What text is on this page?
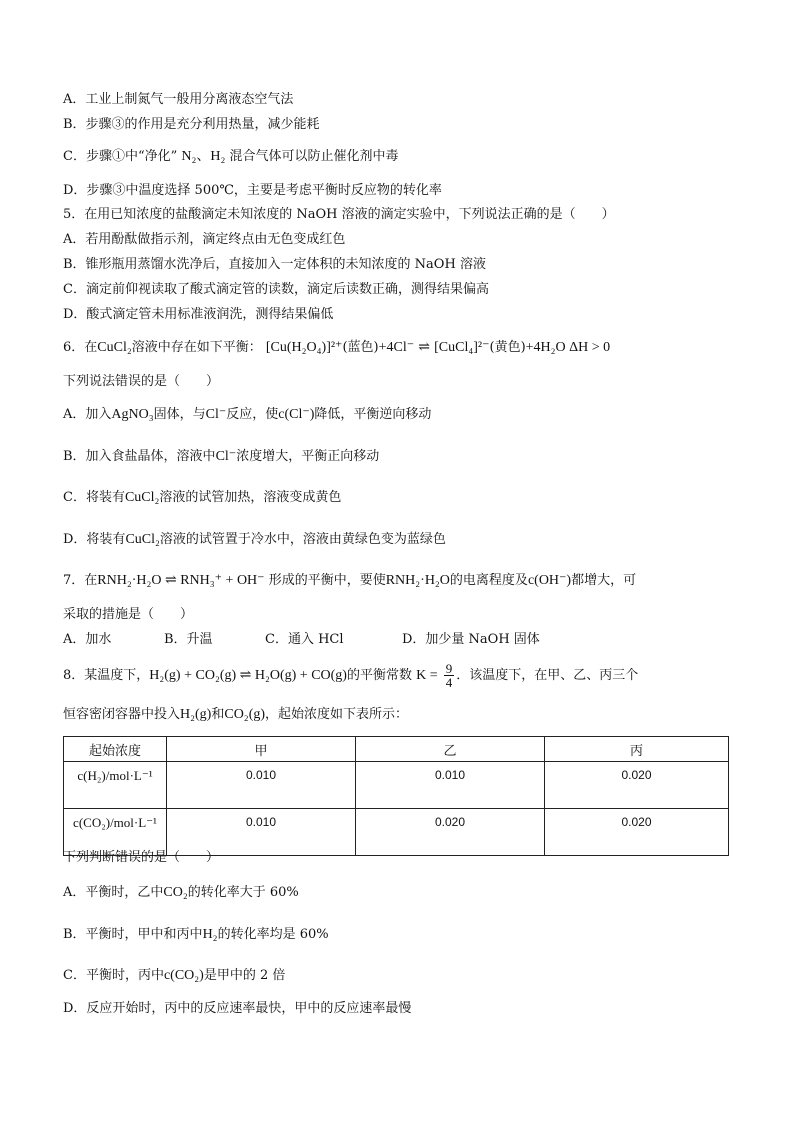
A．工业上制氮气一般用分离液态空气法
B．步骤③的作用是充分利用热量，减少能耗
C．步骤①中“净化” N₂、H₂ 混合气体可以防止催化剂中毒
D．步骤③中温度选择 500℃，主要是考虑平衡时反应物的转化率
5．在用已知浓度的盐酸滴定未知浓度的 NaOH 溶液的滴定实验中，下列说法正确的是（　　）
A．若用酚酞做指示剂，滴定终点由无色变成红色
B．锥形瓶用蒸馏水洗净后，直接加入一定体积的未知浓度的 NaOH 溶液
C．滴定前仰视读取了酸式滴定管的读数，滴定后读数正确，测得结果偏高
D．酸式滴定管未用标准液润洗，测得结果偏低
6．在CuCl₂溶液中存在如下平衡： [Cu(H₂O₄)]²⁺(蓝色)+4Cl⁻ ⇌ [CuCl₄]²⁻(黄色)+4H₂O ΔH > 0
下列说法错误的是（　　）
A．加入AgNO₃固体，与Cl⁻反应，使c(Cl⁻)降低，平衡逆向移动
B．加入食盐晶体，溶液中Cl⁻浓度增大，平衡正向移动
C．将装有CuCl₂溶液的试管加热，溶液变成黄色
D．将装有CuCl₂溶液的试管置于冷水中，溶液由黄绿色变为蓝绿色
7．在RNH₂·H₂O ⇌ RNH₃⁺ + OH⁻ 形成的平衡中，要使RNH₂·H₂O的电离程度及c(OH⁻)都增大，可
采取的措施是（　　）
A．加水	B．升温	C．通入 HCl	D．加少量 NaOH 固体
8．某温度下，H₂(g) + CO₂(g) ⇌ H₂O(g) + CO(g)的平衡常数 $K = \frac{9}{4}$ ．该温度下，在甲、乙、丙三个
恒容密闭容器中投入H₂(g)和CO₂(g)，起始浓度如下表所示：
起始浓度	甲	乙	丙
c(H₂)/mol·L⁻¹	0.010	0.010	0.020
c(CO₂)/mol·L⁻¹	0.010	0.020	0.020
下列判断错误的是（　　）
A．平衡时，乙中CO₂的转化率大于 60%
B．平衡时，甲中和丙中H₂的转化率均是 60%
C．平衡时，丙中c(CO₂)是甲中的 2 倍
D．反应开始时，丙中的反应速率最快，甲中的反应速率最慢
